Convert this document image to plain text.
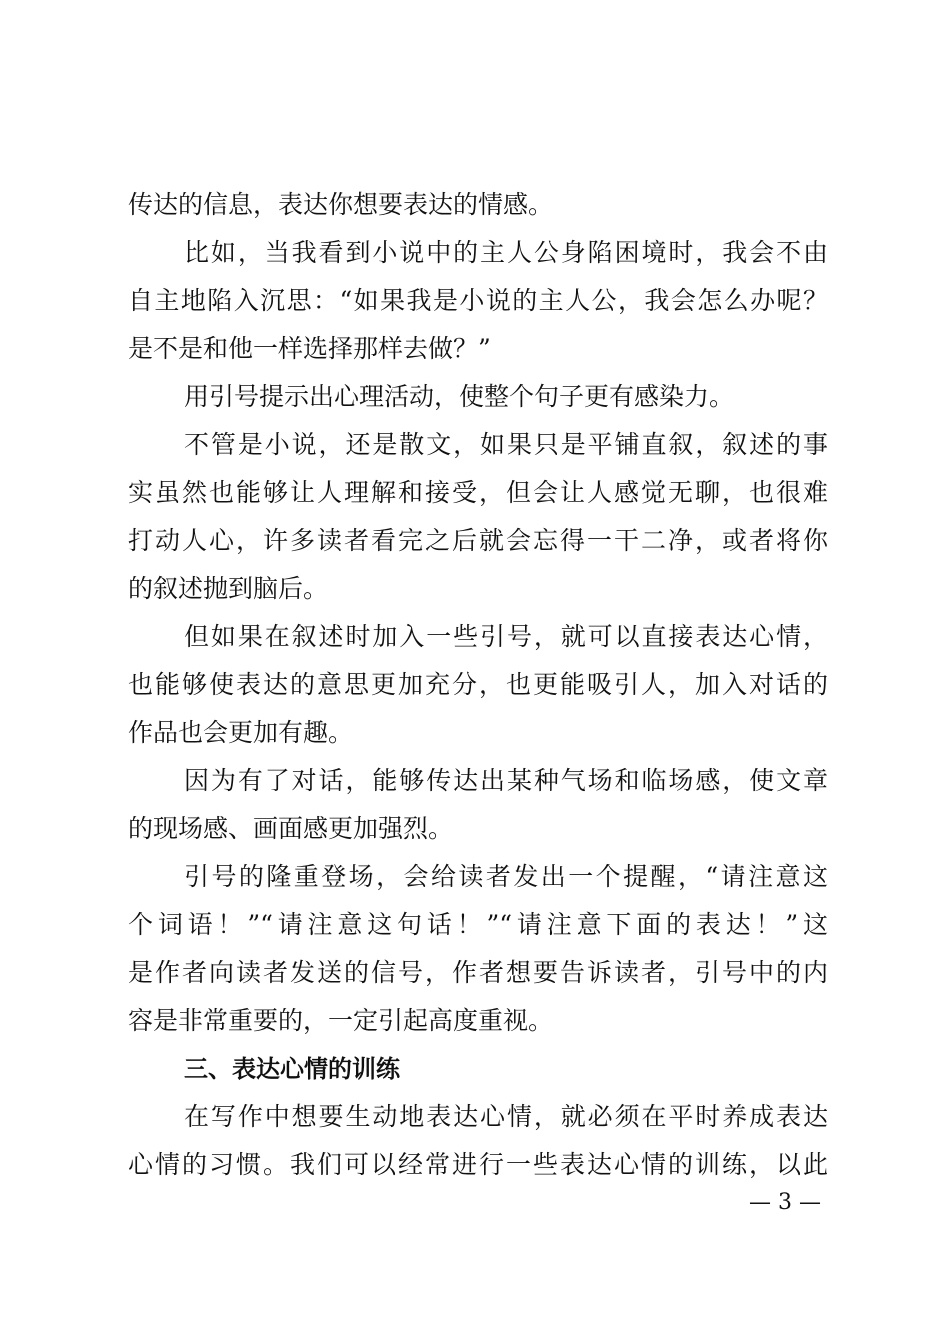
传达的信息，表达你想要表达的情感。
比如，当我看到小说中的主人公身陷困境时，我会不由
自主地陷入沉思：“如果我是小说的主人公，我会怎么办呢？
是不是和他一样选择那样去做？”
用引号提示出心理活动，使整个句子更有感染力。
不管是小说，还是散文，如果只是平铺直叙，叙述的事
实虽然也能够让人理解和接受，但会让人感觉无聊，也很难
打动人心，许多读者看完之后就会忘得一干二净，或者将你
的叙述抛到脑后。
但如果在叙述时加入一些引号，就可以直接表达心情，
也能够使表达的意思更加充分，也更能吸引人，加入对话的
作品也会更加有趣。
因为有了对话，能够传达出某种气场和临场感，使文章
的现场感、画面感更加强烈。
引号的隆重登场，会给读者发出一个提醒，“请注意这
个词语！”“请注意这句话！”“请注意下面的表达！”这
是作者向读者发送的信号，作者想要告诉读者，引号中的内
容是非常重要的，一定引起高度重视。
三、表达心情的训练
在写作中想要生动地表达心情，就必须在平时养成表达
心情的习惯。我们可以经常进行一些表达心情的训练，以此
— 3 —
